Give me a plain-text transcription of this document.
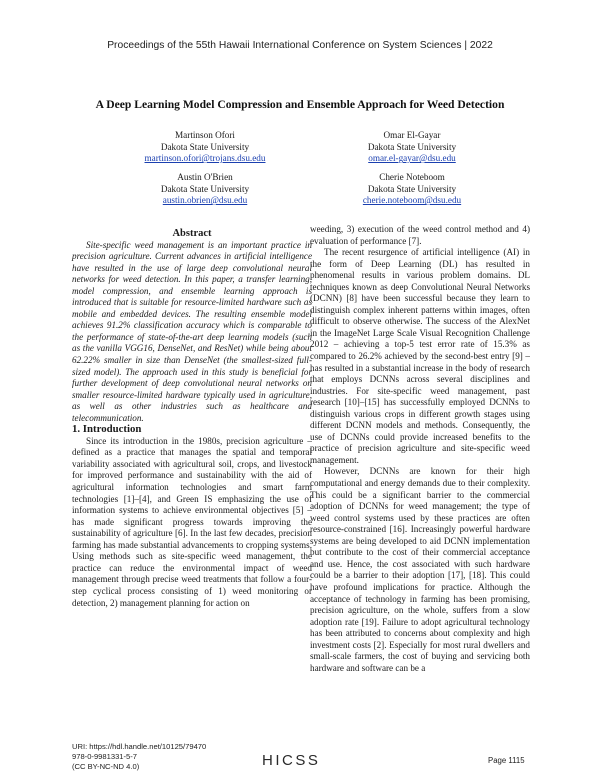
Proceedings of the 55th Hawaii International Conference on System Sciences | 2022
A Deep Learning Model Compression and Ensemble Approach for Weed Detection
Martinson Ofori
Dakota State University
martinson.ofori@trojans.dsu.edu
Omar El-Gayar
Dakota State University
omar.el-gayar@dsu.edu
Austin O'Brien
Dakota State University
austin.obrien@dsu.edu
Cherie Noteboom
Dakota State University
cherie.noteboom@dsu.edu

Abstract

Site-specific weed management is an important practice in precision agriculture. Current advances in artificial intelligence have resulted in the use of large deep convolutional neural networks for weed detection. In this paper, a transfer learning, model compression, and ensemble learning approach is introduced that is suitable for resource-limited hardware such as mobile and embedded devices. The resulting ensemble model achieves 91.2% classification accuracy which is comparable to the performance of state-of-the-art deep learning models (such as the vanilla VGG16, DenseNet, and ResNet) while being about 62.22% smaller in size than DenseNet (the smallest-sized full-sized model). The approach used in this study is beneficial for further development of deep convolutional neural networks on smaller resource-limited hardware typically used in agriculture, as well as other industries such as healthcare and telecommunication.

1. Introduction

Since its introduction in the 1980s, precision agriculture – defined as a practice that manages the spatial and temporal variability associated with agricultural soil, crops, and livestock for improved performance and sustainability with the aid of agricultural information technologies and smart farm technologies [1]–[4], and Green IS emphasizing the use of information systems to achieve environmental objectives [5] – has made significant progress towards improving the sustainability of agriculture [6]. In the last few decades, precision farming has made substantial advancements to cropping systems. Using methods such as site-specific weed management, the practice can reduce the environmental impact of weed management through precise weed treatments that follow a four-step cyclical process consisting of 1) weed monitoring or detection, 2) management planning for action on

weeding, 3) execution of the weed control method and 4) evaluation of performance [7].

The recent resurgence of artificial intelligence (AI) in the form of Deep Learning (DL) has resulted in phenomenal results in various problem domains. DL techniques known as deep Convolutional Neural Networks (DCNN) [8] have been successful because they learn to distinguish complex inherent patterns within images, often difficult to observe otherwise. The success of the AlexNet in the ImageNet Large Scale Visual Recognition Challenge 2012 – achieving a top-5 test error rate of 15.3% as compared to 26.2% achieved by the second-best entry [9] –has resulted in a substantial increase in the body of research that employs DCNNs across several disciplines and industries. For site-specific weed management, past research [10]–[15] has successfully employed DCNNs to distinguish various crops in different growth stages using different DCNN models and methods. Consequently, the use of DCNNs could provide increased benefits to the practice of precision agriculture and site-specific weed management.

However, DCNNs are known for their high computational and energy demands due to their complexity. This could be a significant barrier to the commercial adoption of DCNNs for weed management; the type of weed control systems used by these practices are often resource-constrained [16]. Increasingly powerful hardware systems are being developed to aid DCNN implementation but contribute to the cost of their commercial acceptance and use. Hence, the cost associated with such hardware could be a barrier to their adoption [17], [18]. This could have profound implications for practice. Although the acceptance of technology in farming has been promising, precision agriculture, on the whole, suffers from a slow adoption rate [19]. Failure to adopt agricultural technology has been attributed to concerns about complexity and high investment costs [2]. Especially for most rural dwellers and small-scale farmers, the cost of buying and servicing both hardware and software can be a

URI: https://hdl.handle.net/10125/79470
978-0-9981331-5-7
(CC BY-NC-ND 4.0)	HICSS	Page 1115
